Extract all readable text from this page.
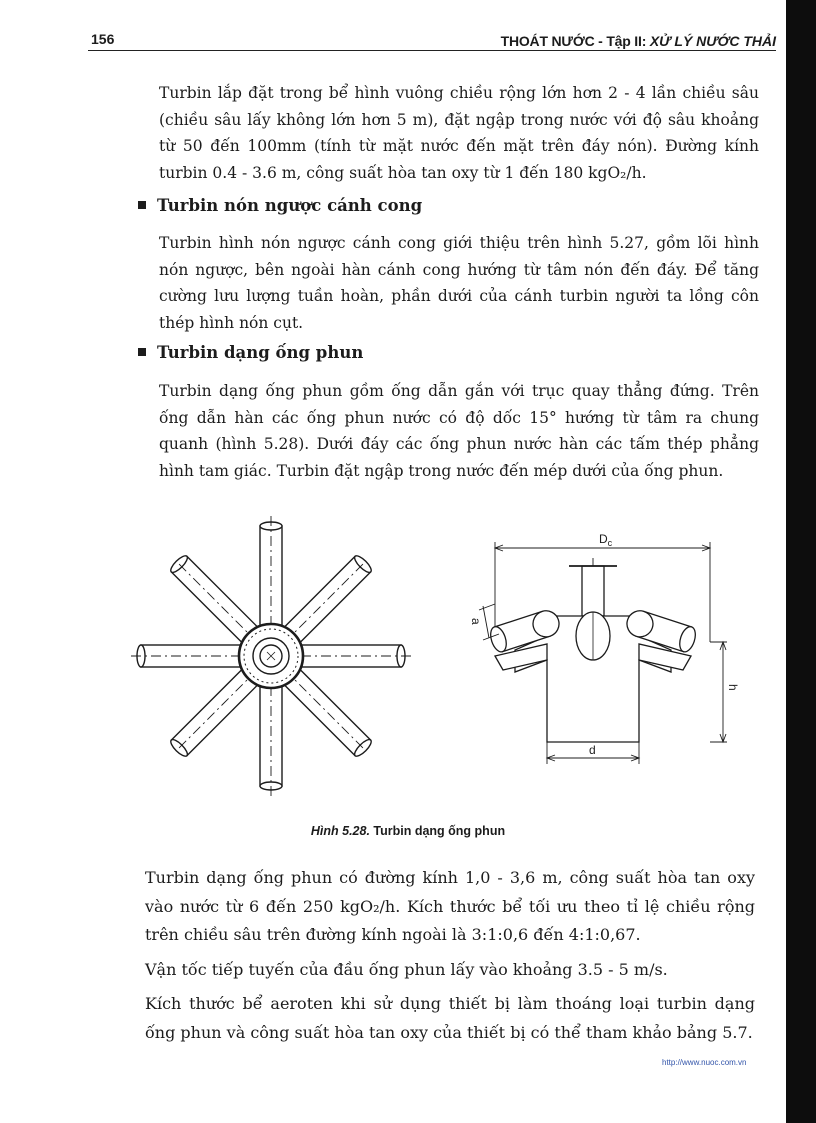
156	THOÁT NƯỚC - Tập II: XỬ LÝ NƯỚC THẢI

Turbin lắp đặt trong bể hình vuông chiều rộng lớn hơn 2 - 4 lần chiều sâu (chiều sâu lấy không lớn hơn 5 m), đặt ngập trong nước với độ sâu khoảng từ 50 đến 100mm (tính từ mặt nước đến mặt trên đáy nón). Đường kính turbin 0.4 - 3.6 m, công suất hòa tan oxy từ 1 đến 180 kgO₂/h.

Turbin nón ngược cánh cong

Turbin hình nón ngược cánh cong giới thiệu trên hình 5.27, gồm lõi hình nón ngược, bên ngoài hàn cánh cong hướng từ tâm nón đến đáy. Để tăng cường lưu lượng tuần hoàn, phần dưới của cánh turbin người ta lồng côn thép hình nón cụt.

Turbin dạng ống phun

Turbin dạng ống phun gồm ống dẫn gắn với trục quay thẳng đứng. Trên ống dẫn hàn các ống phun nước có độ dốc 15° hướng từ tâm ra chung quanh (hình 5.28). Dưới đáy các ống phun nước hàn các tấm thép phẳng hình tam giác. Turbin đặt ngập trong nước đến mép dưới của ống phun.

$D_c$
d
h
a
Hình 5.28. Turbin dạng ống phun

Turbin dạng ống phun có đường kính 1,0 - 3,6 m, công suất hòa tan oxy vào nước từ 6 đến 250 kgO₂/h. Kích thước bể tối ưu theo tỉ lệ chiều rộng trên chiều sâu trên đường kính ngoài là 3:1:0,6 đến 4:1:0,67.

Vận tốc tiếp tuyến của đầu ống phun lấy vào khoảng 3.5 - 5 m/s.

Kích thước bể aeroten khi sử dụng thiết bị làm thoáng loại turbin dạng ống phun và công suất hòa tan oxy của thiết bị có thể tham khảo bảng 5.7.

http://www.nuoc.com.vn
